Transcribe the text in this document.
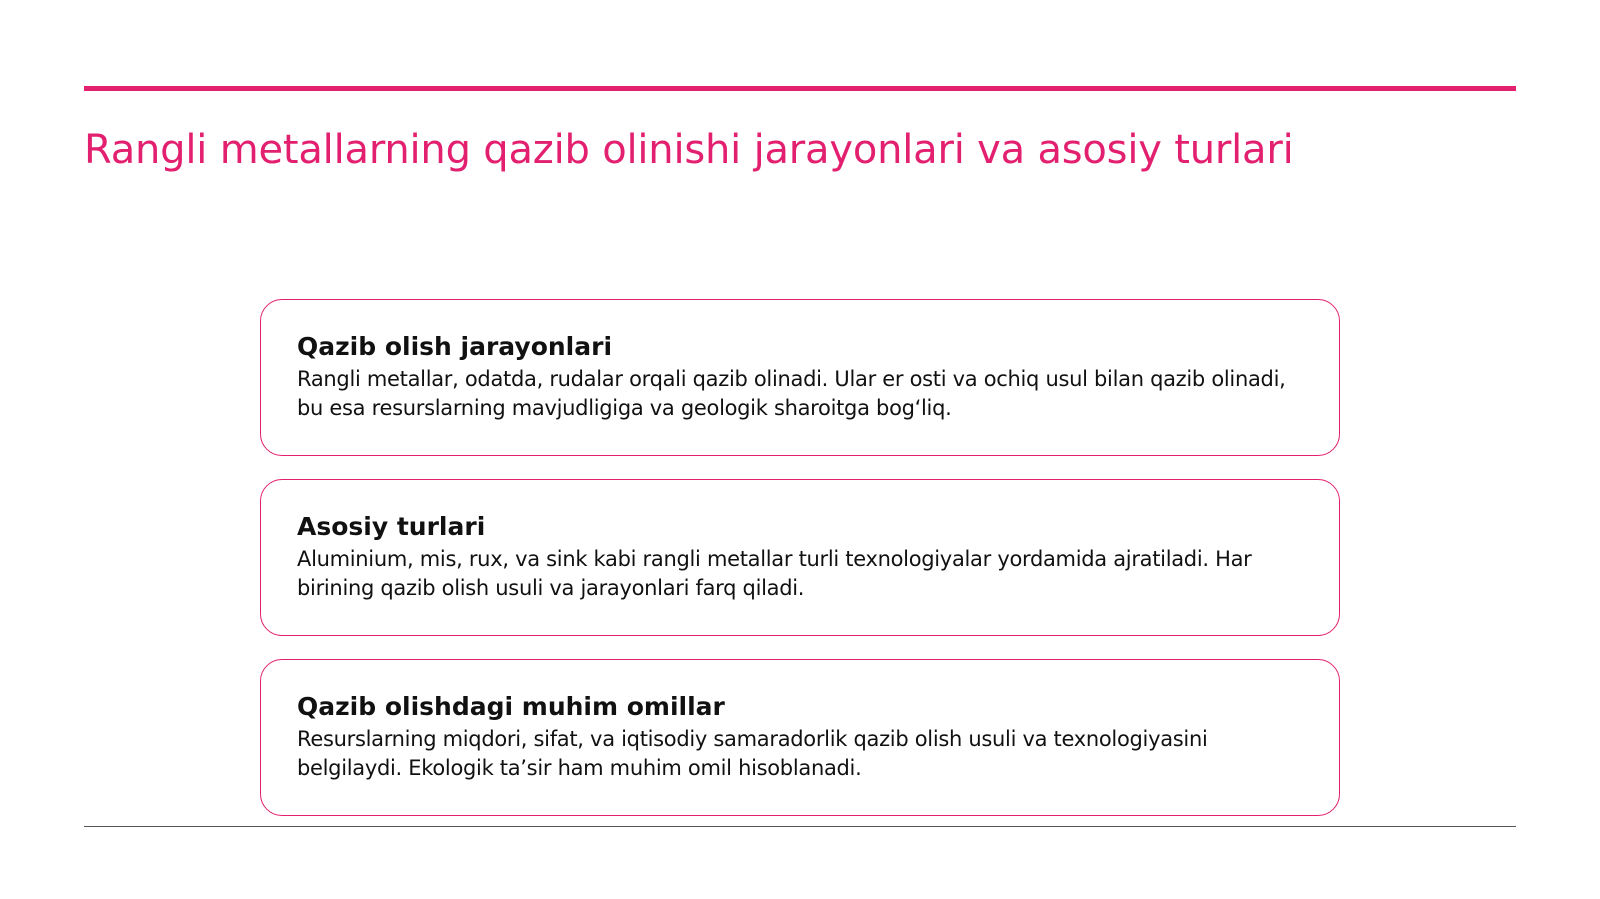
Rangli metallarning qazib olinishi jarayonlari va asosiy turlari
Qazib olish jarayonlari

Rangli metallar, odatda, rudalar orqali qazib olinadi. Ular er osti va ochiq usul bilan qazib olinadi, bu esa resurslarning mavjudligiga va geologik sharoitga bog‘liq.

Asosiy turlari

Aluminium, mis, rux, va sink kabi rangli metallar turli texnologiyalar yordamida ajratiladi. Har birining qazib olish usuli va jarayonlari farq qiladi.

Qazib olishdagi muhim omillar

Resurslarning miqdori, sifat, va iqtisodiy samaradorlik qazib olish usuli va texnologiyasini belgilaydi. Ekologik ta’sir ham muhim omil hisoblanadi.
